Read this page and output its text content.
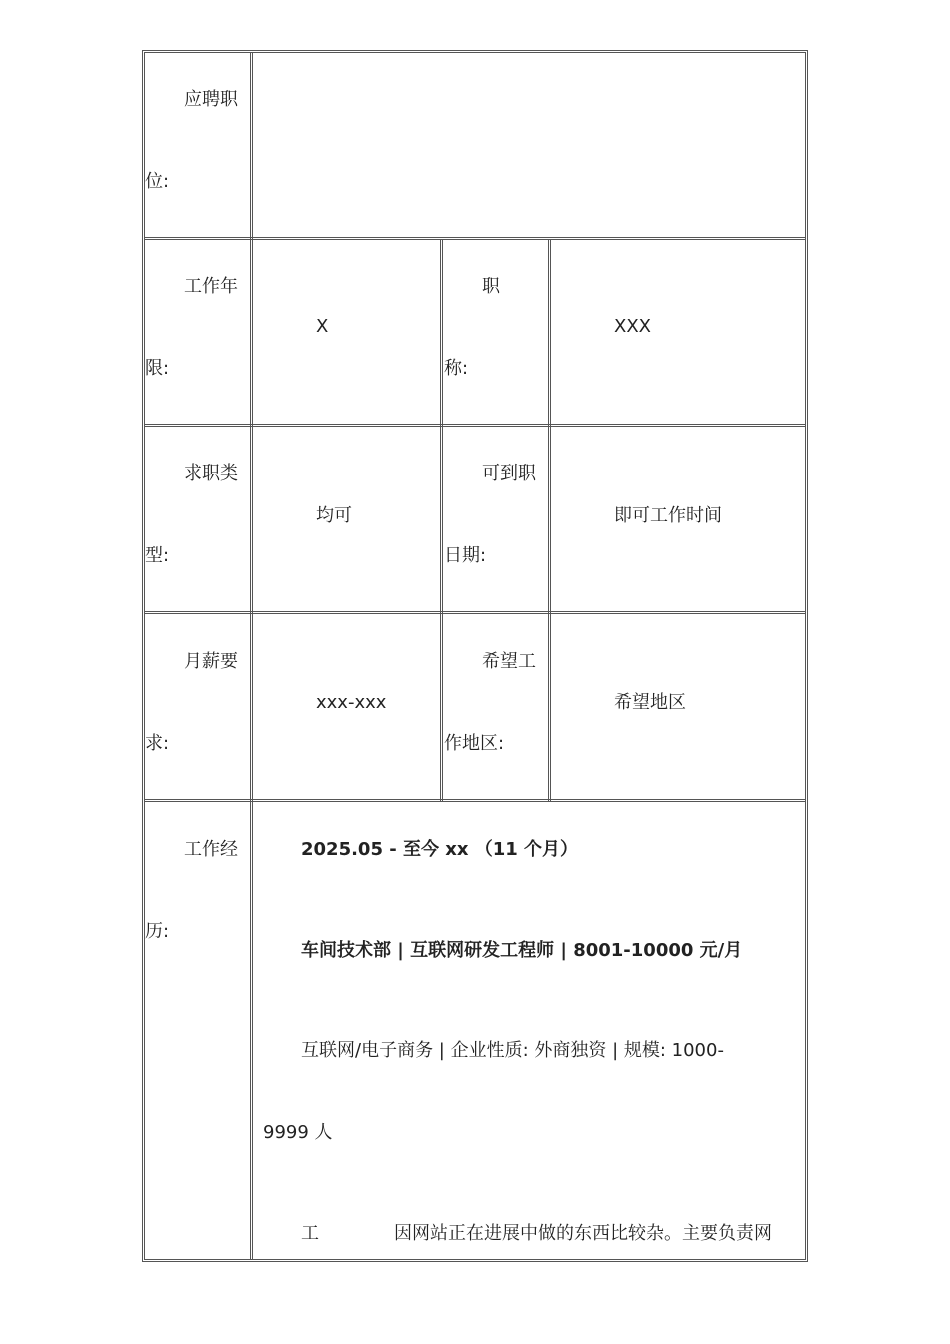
应聘职
位:
工作年
限:
X
职
称:
XXX
求职类
型:
均可
可到职
日期:
即可工作时间
月薪要
求:
xxx-xxx
希望工
作地区:
希望地区
工作经
历:
2025.05 - 至今 xx （11 个月）
车间技术部 | 互联网研发工程师 | 8001-10000 元/月
互联网/电子商务 | 企业性质: 外商独资 | 规模: 1000-
9999 人
工	因网站正在进展中做的东西比较杂。主要负责网
